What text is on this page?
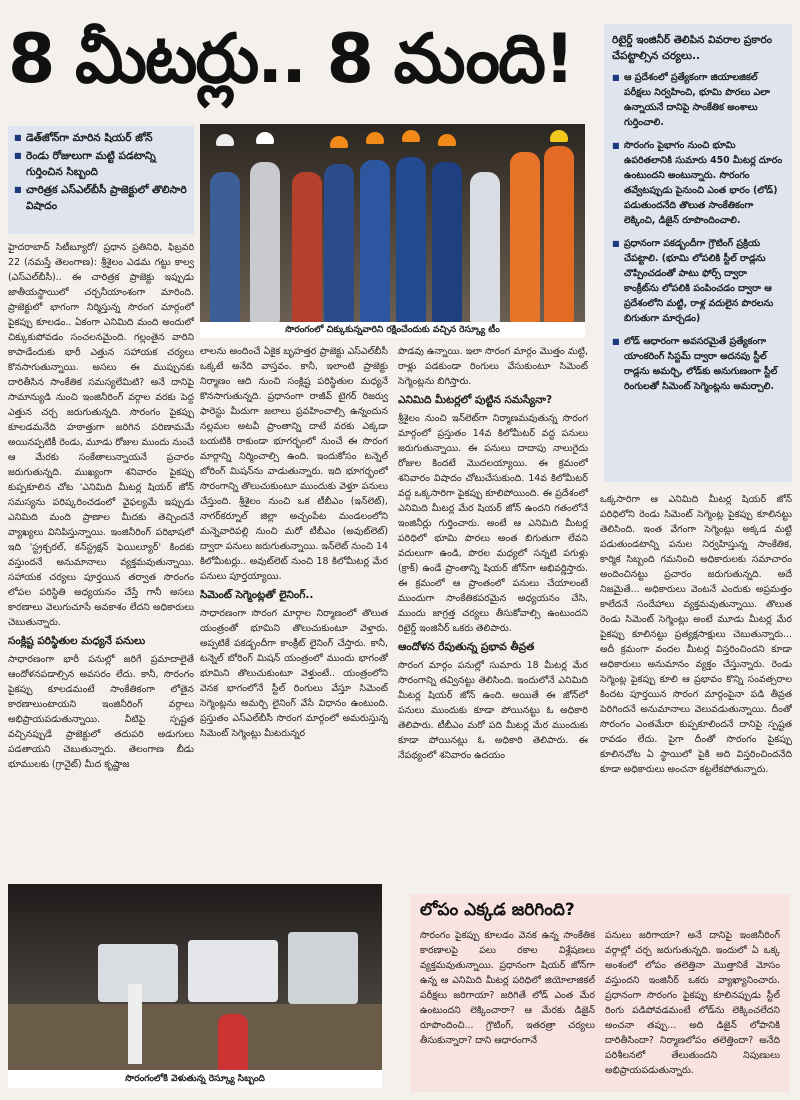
8 మీటర్లు.. 8 మంది!
■ డెత్‌జోన్‌గా మారిన షియర్ జోన్
■ రెండు రోజులుగా మట్టి పడటాన్ని గుర్తించిన సిబ్బంది
■ చారిత్రక ఎస్ఎల్‌బీసీ ప్రాజెక్టులో తొలిసారి విషాదం
సొరంగంలో చిక్కుకున్నవారిని రక్షించేందుకు వచ్చిన రెస్క్యూ టీం

హైదరాబాద్ సిటీబ్యూరో/ ప్రధాన ప్రతినిధి, ఫిబ్రవరి 22 (నమస్తే తెలంగాణ): శ్రీశైలం ఎడమ గట్టు కాల్వ (ఎస్ఎల్‌బీసీ).. ఈ చారిత్రక ప్రాజెక్టు ఇప్పుడు జాతీయస్థాయిలో చర్చనీయాంశంగా మారింది. ప్రాజెక్టులో భాగంగా నిర్మిస్తున్న సొరంగ మార్గంలో పైకప్పు కూలడం.. ఏకంగా ఎనిమిది మంది అందులో చిక్కుకుపోవడం సంచలనమైంది. గల్లంతైన వారిని కాపాడేందుకు భారీ ఎత్తున సహాయక చర్యలు కొనసాగుతున్నాయి. అసలు ఈ ముప్పునకు దారితీసిన సాంకేతిక సమస్యలేమిటి? అనే దానిపై సామాన్యుడి నుంచి ఇంజినీరింగ్ వర్గాల వరకు పెద్ద ఎత్తున చర్చ జరుగుతున్నది. సొరంగం పైకప్పు కూలడమనేది హఠాత్తుగా జరిగిన పరిణామమే అయినప్పటికీ రెండు, మూడు రోజుల ముందు నుంచే ఆ మేరకు సంకేతాలున్నాయనే ప్రచారం జరుగుతున్నది. ముఖ్యంగా శనివారం పైకప్పు కుప్పకూలిన చోట 'ఎనిమిది మీటర్ల షియర్ జోన్ సమస్యను పరిష్కరించడంలో వైఫల్యమే ఇప్పుడు ఎనిమిది మంది ప్రాణాల మీదకు తెచ్చిందనే వ్యాఖ్యలు వినిపిస్తున్నాయి. ఇంజినీరింగ్ పరిభాషలో ఇది 'స్ట్రక్చరల్, కన్‌స్ట్రక్షన్ ఫెయిల్యూర్' కిందకు వస్తుందనే అనుమానాలు వ్యక్తమవుతున్నాయి. సహాయక చర్యలు పూర్తయిన తర్వాత సొరంగం లోపల పరిస్థితి అధ్యయనం చేస్తే గానీ అసలు కారణాలు వెలుగుచూసే అవకాశం లేదని అధికారులు చెబుతున్నారు.

సంక్లిష్ట పరిస్థితుల మధ్యనే పనులు

సాధారణంగా భారీ పనుల్లో జరిగే ప్రమాదాలైతే ఆందోళనపడాల్సిన అవసరం లేదు. కానీ, సొరంగం పైకప్పు కూలడమంటే సాంకేతికంగా లోతైన కారణాలుంటాయని ఇంజినీరింగ్ వర్గాలు అభిప్రాయపడుతున్నాయి. వీటిపై స్పష్టత వచ్చినప్పుడే ప్రాజెక్టులో తదుపరి అడుగులు పడతాయని చెబుతున్నారు. తెలంగాణ బీడు భూములకు (గ్రానైట్) మీద కృష్ణాజ

లాలను అందించే ఏకైక బృహత్తర ప్రాజెక్టు ఎస్ఎల్‌బీసీ ఒక్కటే అనేది వాస్తవం. కానీ, ఇలాంటి ప్రాజెక్టు నిర్మాణం ఆది నుంచి సంక్లిష్ట పరిస్థితుల మధ్యనే కొనసాగుతున్నది. ప్రధానంగా రాజీవ్ టైగర్ రిజర్వు ఫారెస్టు మీదుగా జలాలు ప్రవహించాల్సి ఉన్నందున నల్లమల అటవీ ప్రాంతాన్ని దాటే వరకు ఎక్కడా బయటికి రాకుండా భూగర్భంలో నుంచే ఈ సొరంగ మార్గాన్ని నిర్మించాల్సి ఉంది. ఇందుకోసం టన్నెల్ బోరింగ్ మిషన్‌ను వాడుతున్నారు. ఇది భూగర్భంలో సొరంగాన్ని తొలుచుకుంటూ ముందుకు వెళ్తూ పనులు చేస్తుంది. శ్రీశైలం నుంచి ఒక టీబీఎం (ఇన్‌లెట్), నాగర్‌కర్నూల్ జిల్లా అచ్చంపేట మండలంలోని మన్నెవారిపల్లి నుంచి మరో టీబీఎం (అవుట్‌లెట్) ద్వారా పనులు జరుగుతున్నాయి. ఇన్‌లెట్ నుంచి 14 కిలోమీటర్లు.. అవుట్‌లెట్ నుంచి 18 కిలోమీటర్ల మేర పనులు పూర్తయ్యాయి.

సిమెంట్ సెగ్మెంట్లతో లైనింగ్..

సాధారణంగా సొరంగ మార్గాల నిర్మాణంలో తొలుత యంత్రంతో భూమిని తొలుచుకుంటూ వెళ్తారు. అప్పటికే పకడ్బందీగా కాంక్రీట్ లైనింగ్ చేస్తారు. కానీ, టన్నెల్ బోరింగ్ మిషన్ యంత్రంలో ముందు భాగంతో భూమిని తొలుచుకుంటూ వెళ్తుంటే.. యంత్రంలోని వెనక భాగంలోనే స్టీల్ రింగులు వేస్తూ సిమెంట్ సెగ్మెంట్లను అమర్చి లైనింగ్ వేసే విధానం ఉంటుంది. ప్రస్తుతం ఎస్ఎల్‌బీసీ సొరంగ మార్గంలో అమరుస్తున్న సిమెంట్ సెగ్మెంట్లు మీటరున్నర

పొడవు ఉన్నాయి. ఇలా సొరంగ మార్గం మొత్తం మట్టి, రాళ్లు పడకుండా రింగులు వేసుకుంటూ సిమెంట్ సెగ్మెంట్లను బిగిస్తారు.

ఎనిమిది మీటర్లలో పుట్టిన సమస్యేనా?

శ్రీశైలం నుంచి ఇన్‌లెట్‌గా నిర్మాణమవుతున్న సొరంగ మార్గంలో ప్రస్తుతం 14వ కిలోమీటర్ వద్ద పనులు జరుగుతున్నాయి. ఈ పనులు దాదాపు నాలుగైదు రోజుల కిందటే మొదలయ్యాయి. ఈ క్రమంలో శనివారం విషాదం చోటుచేసుకుంది. 14వ కిలోమీటర్ వద్ద ఒక్కసారిగా పైకప్పు కూలిపోయింది. ఈ ప్రదేశంలో ఎనిమిది మీటర్ల మేర షియర్ జోన్ ఉందని గతంలోనే ఇంజినీర్లు గుర్తించారు. అంటే ఆ ఎనిమిది మీటర్ల పరిధిలో భూమి పొరలు అంత బిగుతుగా లేవని వదులుగా ఉండి, పొరల మధ్యలో సన్నటి పగుళ్లు (క్రాక్) ఉండే ప్రాంతాన్ని షియర్ జోన్‌గా అభివర్ణిస్తారు. ఈ క్రమంలో ఆ ప్రాంతంలో పనులు చేయాలంటే ముందుగా సాంకేతికపరమైన అధ్యయనం చేసి, ముందు జాగ్రత్త చర్యలు తీసుకోవాల్సి ఉంటుందని రిటైర్డ్ ఇంజినీర్ ఒకరు తెలిపారు.

ఆందోళన రేపుతున్న ప్రభావ తీవ్రత

సొరంగ మార్గం పనుల్లో సుమారు 18 మీటర్ల మేర సొరంగాన్ని తవ్వినట్టు తెలిసింది. ఇందులోనే ఎనిమిది మీటర్ల షియర్ జోన్ ఉంది. అయితే ఈ జోన్‌లో పనులు ముందుకు కూడా పోయినట్టు ఓ అధికారి తెలిపారు. టీబీఎం మరో పది మీటర్ల మేర ముందుకు కూడా పోయినట్లు ఓ అధికారి తెలిపారు. ఈ నేపథ్యంలో శనివారం ఉదయం

రిటైర్డ్ ఇంజినీర్ తెలిపిన వివరాల ప్రకారం చేపట్టాల్సిన చర్యలు..
■ ఆ ప్రదేశంలో ప్రత్యేకంగా జియాలజికల్ పరీక్షలు నిర్వహించి, భూమి పొరలు ఎలా ఉన్నాయనే దానిపై సాంకేతిక అంశాలు గుర్తించాలి.
■ సొరంగం పైభాగం నుంచి భూమి ఉపరితలానికి సుమారు 450 మీటర్ల దూరం ఉంటుందని అంటున్నారు. సొరంగం తవ్వేటప్పుడు పైనుంచి ఎంత భారం (లోడ్) పడుతుందనేది తొలుత సాంకేతికంగా లెక్కించి, డిజైన్ రూపొందించాలి.
■ ప్రధానంగా పకడ్బందీగా గ్రౌటింగ్ ప్రక్రియ చేపట్టాలి. (భూమి లోపలికి స్టీల్ రాడ్లను చొప్పించడంతో పాటు ఫోర్స్ ద్వారా కాంక్రీట్‌ను లోపలికి పంపించడం ద్వారా ఆ ప్రదేశంలోని మట్టి, రాళ్ల వదులైన పొరలను బిగుతుగా మార్చడం)
■ లోడ్ ఆధారంగా అవసరమైతే ప్రత్యేకంగా యాంకరింగ్ సిస్టమ్ ద్వారా అదనపు స్టీల్ రాడ్లను అమర్చి, లోడ్‌కు అనుగుణంగా స్టీల్ రింగులతో సిమెంట్ సెగ్మెంట్లను అమర్చాలి.

ఒక్కసారిగా ఆ ఎనిమిది మీటర్ల షియర్ జోన్ పరిధిలోని రెండు సిమెంట్ సెగ్మెంట్ల పైకప్పు కూలినట్టు తెలిసింది. ఇంత వేగంగా సెగ్మెంట్లు అక్కడ మట్టి పడుతుండటాన్ని పనుల నిర్వహిస్తున్న సాంకేతిక, కార్మిక సిబ్బంది గమనించి అధికారులకు సమాచారం అందించినట్టు ప్రచారం జరుగుతున్నది. అదే నిజమైతే... అధికారులు వెంటనే ఎందుకు అప్రమత్తం కాలేదనే సందేహాలు వ్యక్తమవుతున్నాయి. తొలుత రెండు సిమెంట్ సెగ్మెంట్లు అంటే మూడు మీటర్ల మేర పైకప్పు కూలినట్టు ప్రత్యక్షసాక్షులు చెబుతున్నారు... అదీ క్రమంగా వందల మీటర్ల విస్తరించిందని కూడా అధికారులు అనుమానం వ్యక్తం చేస్తున్నారు. రెండు సెగ్మెంట్ల పైకప్పు కూలి ఆ ప్రభావం కొన్ని సంవత్సరాల కిందట పూర్తయిన సొరంగ మార్గంపైనా పడి తీవ్రత పెరిగిందనే అనుమానాలు వెలువడుతున్నాయి. దీంతో సొరంగం ఎంతమేరా కుప్పకూలిందనే దానిపై స్పష్టత రావడం లేదు. పైగా దీంతో సొరంగం పైకప్పు కూలినచోట ఏ స్థాయిలో పైకి అది విస్తరించిందనేది కూడా అధికారులు అంచనా కట్టలేకపోతున్నారు.

సొరంగంలోకి వెళుతున్న రెస్క్యూ సిబ్బంది
లోపం ఎక్కడ జరిగింది?
సొరంగం పైకప్పు కూలడం వెనక ఉన్న సాంకేతిక కారణాలపై పలు రకాల విశ్లేషణలు వ్యక్తమవుతున్నాయి. ప్రధానంగా షియర్ జోన్‌గా ఉన్న ఆ ఎనిమిది మీటర్ల పరిధిలో జియోలాజికల్ పరీక్షలు జరిగాయా? జరిగితే లోడ్ ఎంత మేర ఉంటుందని లెక్కించారా? ఆ మేరకు డిజైన్ రూపొందించి... గ్రౌటింగ్, ఇతరత్రా చర్యలు తీసుకున్నారా? దాని ఆధారంగానే
పనులు జరిగాయా? అనే దానిపై ఇంజినీరింగ్ వర్గాల్లో చర్చ జరుగుతున్నది. ఇందులో ఏ ఒక్క అంశంలో లోపం తలెత్తినా మొత్తానికే మోసం వస్తుందని ఇంజినీర్ ఒకరు వ్యాఖ్యానించారు. ప్రధానంగా సొరంగం పైకప్పు కూలినప్పుడు స్టీల్ రింగు పడిపోవడమంటే లోడ్‌ను లెక్కించలేదని అంచనా తప్పు... అది డిజైన్ లోపానికి దారితీసిందా? నిర్మాణలోపం తలెత్తిందా? అనేది పరిశీలనలో తేలుతుందని నిపుణులు అభిప్రాయపడుతున్నారు.
